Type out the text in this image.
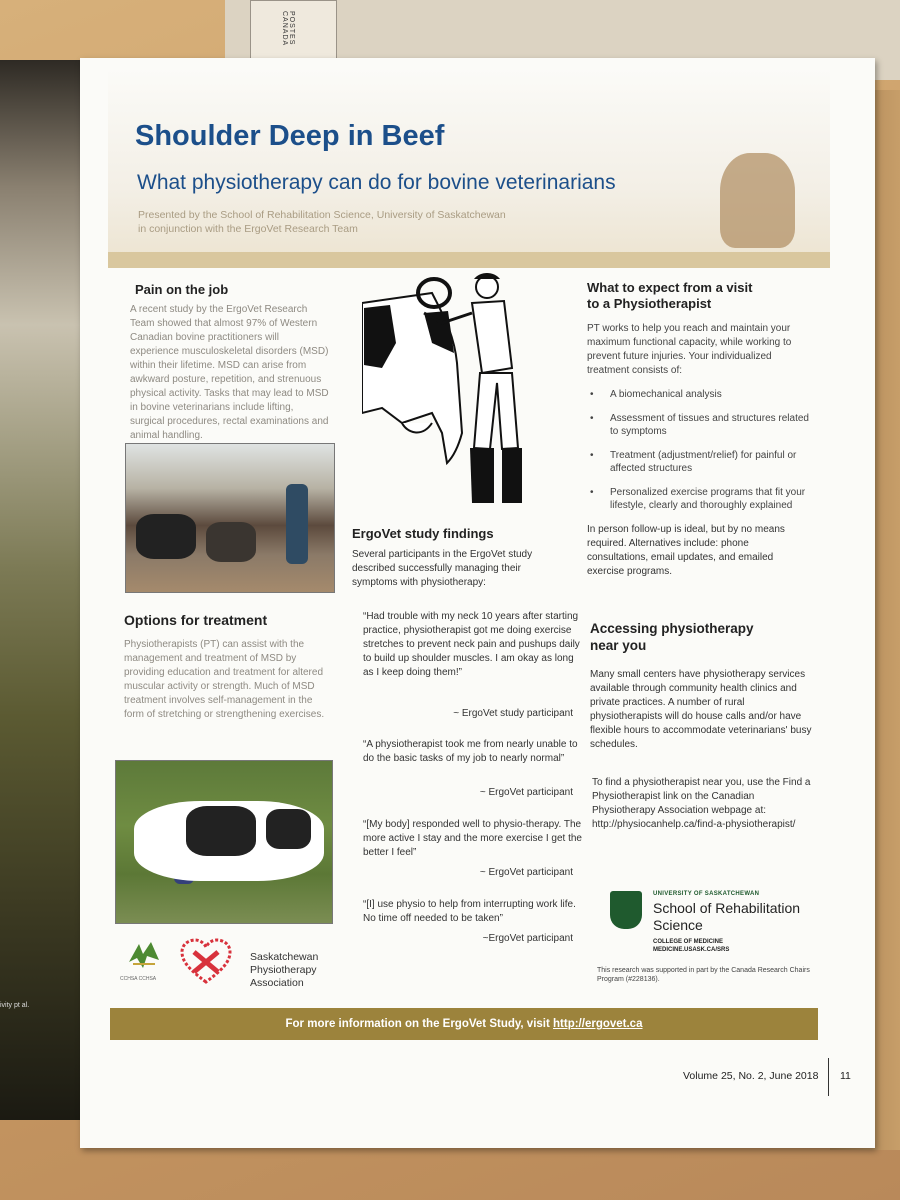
POSTES CANADA
ivity pt al.
Shoulder Deep in Beef
What physiotherapy can do for bovine veterinarians
Presented by the School of Rehabilitation Science, University of Saskatchewan
in conjunction with the ErgoVet Research Team
Pain on the job
A recent study by the ErgoVet Research Team showed that almost 97% of Western Canadian bovine practitioners will experience musculoskeletal disorders (MSD) within their lifetime. MSD can arise from awkward posture, repetition, and strenuous physical activity. Tasks that may lead to MSD in bovine veterinarians include lifting, surgical procedures, rectal examinations and animal handling.
Options for treatment
Physiotherapists (PT) can assist with the management and treatment of MSD by providing education and treatment for altered muscular activity or strength. Much of MSD treatment involves self-management in the form of stretching or strengthening exercises.
CCHSA CCHSA
Saskatchewan
Physiotherapy
Association
ErgoVet study findings
Several participants in the ErgoVet study described successfully managing their symptoms with physiotherapy:
“Had trouble with my neck 10 years after starting practice, physiotherapist got me doing exercise stretches to prevent neck pain and pushups daily to build up shoulder muscles. I am okay as long as I keep doing them!”
~ ErgoVet study participant
“A physiotherapist took me from nearly unable to do the basic tasks of my job to nearly normal”
~ ErgoVet participant
“[My body] responded well to physio-therapy. The more active I stay and the more exercise I get the better I feel”
~ ErgoVet participant
“[I] use physio to help from interrupting work life. No time off needed to be taken”
~ErgoVet participant
What to expect from a visit
to a Physiotherapist
PT works to help you reach and maintain your maximum functional capacity, while working to prevent future injuries. Your individualized treatment consists of:
• A biomechanical analysis
• Assessment of tissues and structures related to symptoms
• Treatment (adjustment/relief) for painful or affected structures
• Personalized exercise programs that fit your lifestyle, clearly and thoroughly explained
In person follow-up is ideal, but by no means required. Alternatives include: phone consultations, email updates, and emailed exercise programs.
Accessing physiotherapy
near you
Many small centers have physiotherapy services available through community health clinics and private practices. A number of rural physiotherapists will do house calls and/or have flexible hours to accommodate veterinarians' busy schedules.
To find a physiotherapist near you, use the Find a Physiotherapist link on the Canadian Physiotherapy Association webpage at: http://physiocanhelp.ca/find-a-physiotherapist/
UNIVERSITY OF SASKATCHEWAN
School of Rehabilitation Science
COLLEGE OF MEDICINE
MEDICINE.USASK.CA/SRS
This research was supported in part by the Canada Research Chairs Program (#228136).
For more information on the ErgoVet Study, visit http://ergovet.ca
Volume 25, No. 2, June 2018 11
